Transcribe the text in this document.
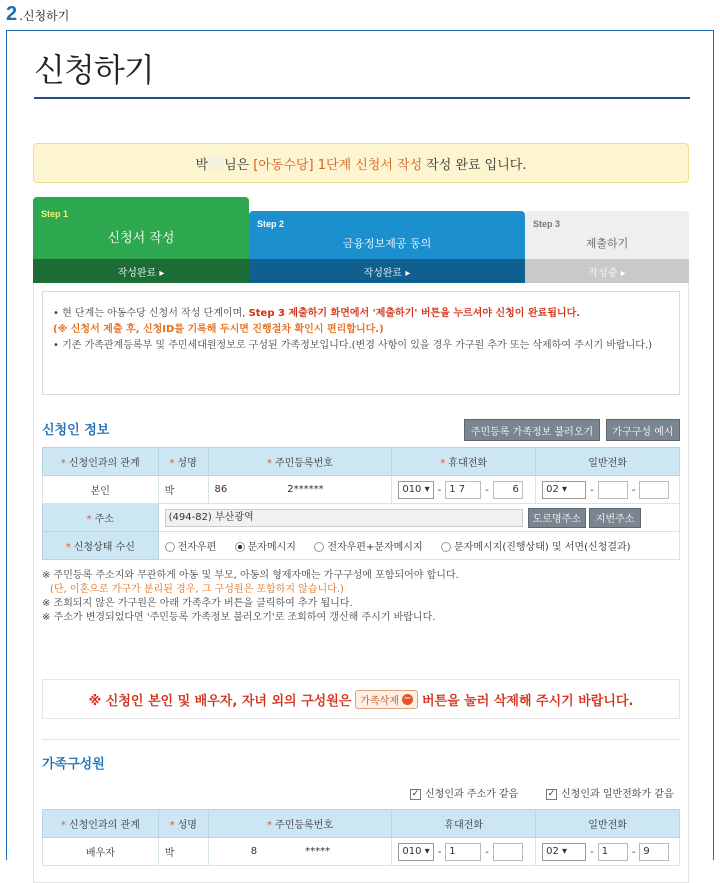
2 .신청하기
신청하기
박 님은 [아동수당] 1단계 신청서 작성 작성 완료 입니다.
Step 1
신청서 작성
작성완료 ▸
Step 2
금융정보제공 동의
작성완료 ▸
Step 3
제출하기
작성중 ▸
• 현 단계는 아동수당 신청서 작성 단계이며, Step 3 제출하기 화면에서 '제출하기' 버튼을 누르셔야 신청이 완료됩니다.
(※ 신청서 제출 후, 신청ID를 기록해 두시면 진행절차 확인시 편리합니다.)
• 기존 가족관계등록부 및 주민세대원정보로 구성된 가족정보입니다.(변경 사항이 있을 경우 가구원 추가 또는 삭제하여 주시기 바랍니다.)
신청인 정보	주민등록 가족정보 불러오기	가구구성 예시
* 신청인과의 관계	* 성명	* 주민등록번호	* 휴대전화	일반전화
본인	박	86 2******	010 ▾ - 1 7 - 6	02 ▾ - -
* 주소	(494-82) 부산광역 도로명주소 지번주소			
* 신청상태 수신	전자우편 문자메시지 전자우편+문자메시지 문자메시지(진행상태) 및 서면(신청결과)			
※ 주민등록 주소지와 무관하게 아동 및 부모, 아동의 형제자매는 가구구성에 포함되어야 합니다.
(단, 이혼으로 가구가 분리된 경우, 그 구성원은 포함하지 않습니다.)
※ 조회되지 않은 가구원은 아래 가족추가 버튼을 클릭하여 추가 됩니다.
※ 주소가 변경되었다면 '주민등록 가족정보 불러오기'로 조회하여 갱신해 주시기 바랍니다.
※ 신청인 본인 및 배우자, 자녀 외의 구성원은 가족삭제 − 버튼을 눌러 삭제해 주시기 바랍니다.
가족구성원
✓ 신청인과 주소가 같음	✓ 신청인과 일반전화가 같음
* 신청인과의 관계	* 성명	* 주민등록번호	휴대전화	일반전화
배우자	박	8 *****	010 ▾ - 1 -	02 ▾ - 1 - 9
